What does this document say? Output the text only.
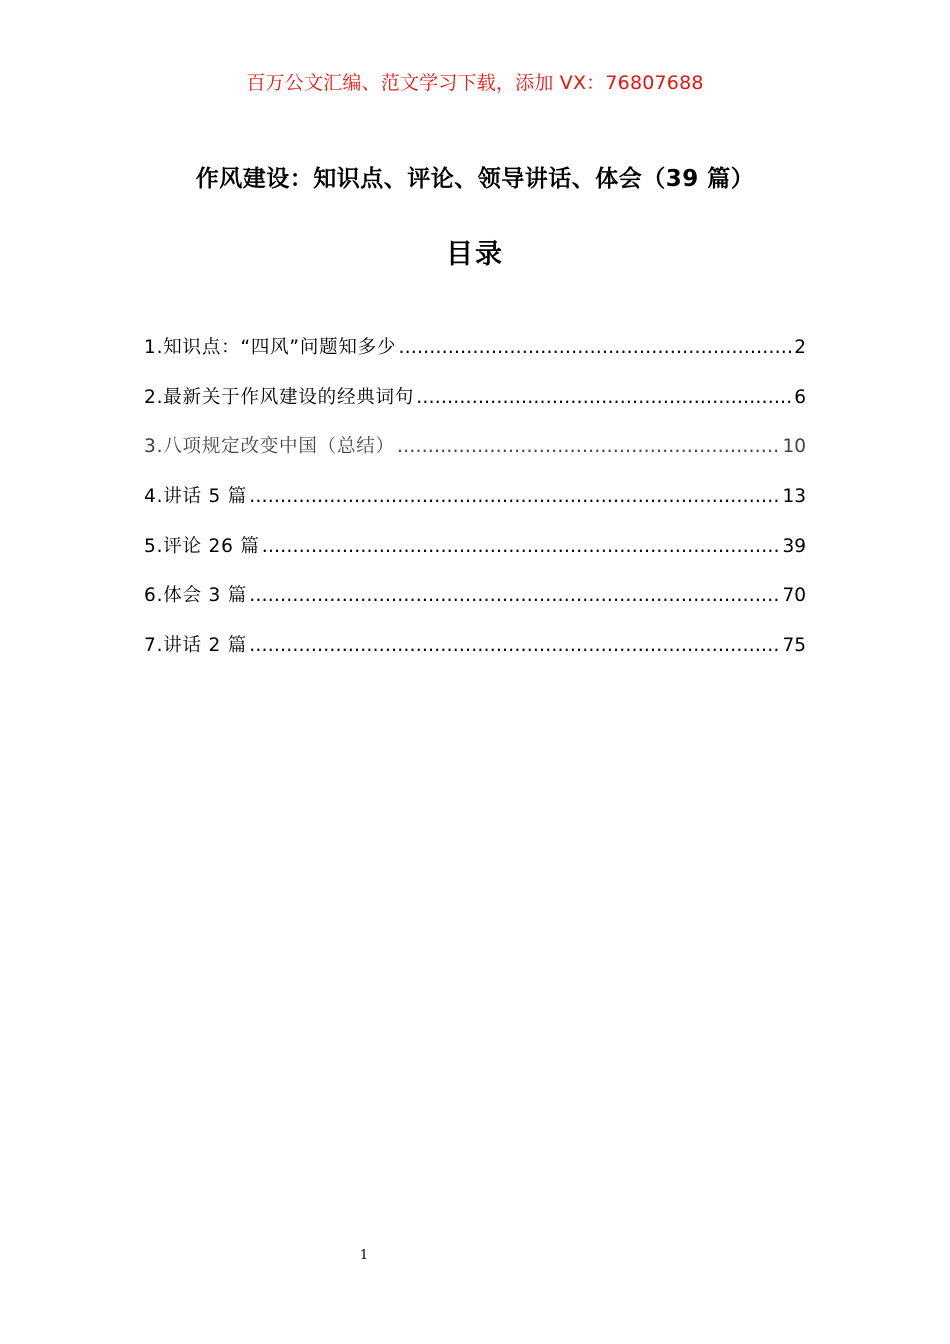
百万公文汇编、范文学习下载，添加 VX：76807688
作风建设：知识点、评论、领导讲话、体会（39 篇）
目录
1.知识点：“四风”问题知多少 …………………………………………………………………………………………………………………………	2
2.最新关于作风建设的经典词句 …………………………………………………………………………………………………………………………	6
3.八项规定改变中国（总结） …………………………………………………………………………………………………………………………	10
4.讲话 5 篇 …………………………………………………………………………………………………………………………	13
5.评论 26 篇 …………………………………………………………………………………………………………………………	39
6.体会 3 篇 …………………………………………………………………………………………………………………………	70
7.讲话 2 篇 …………………………………………………………………………………………………………………………	75
1
